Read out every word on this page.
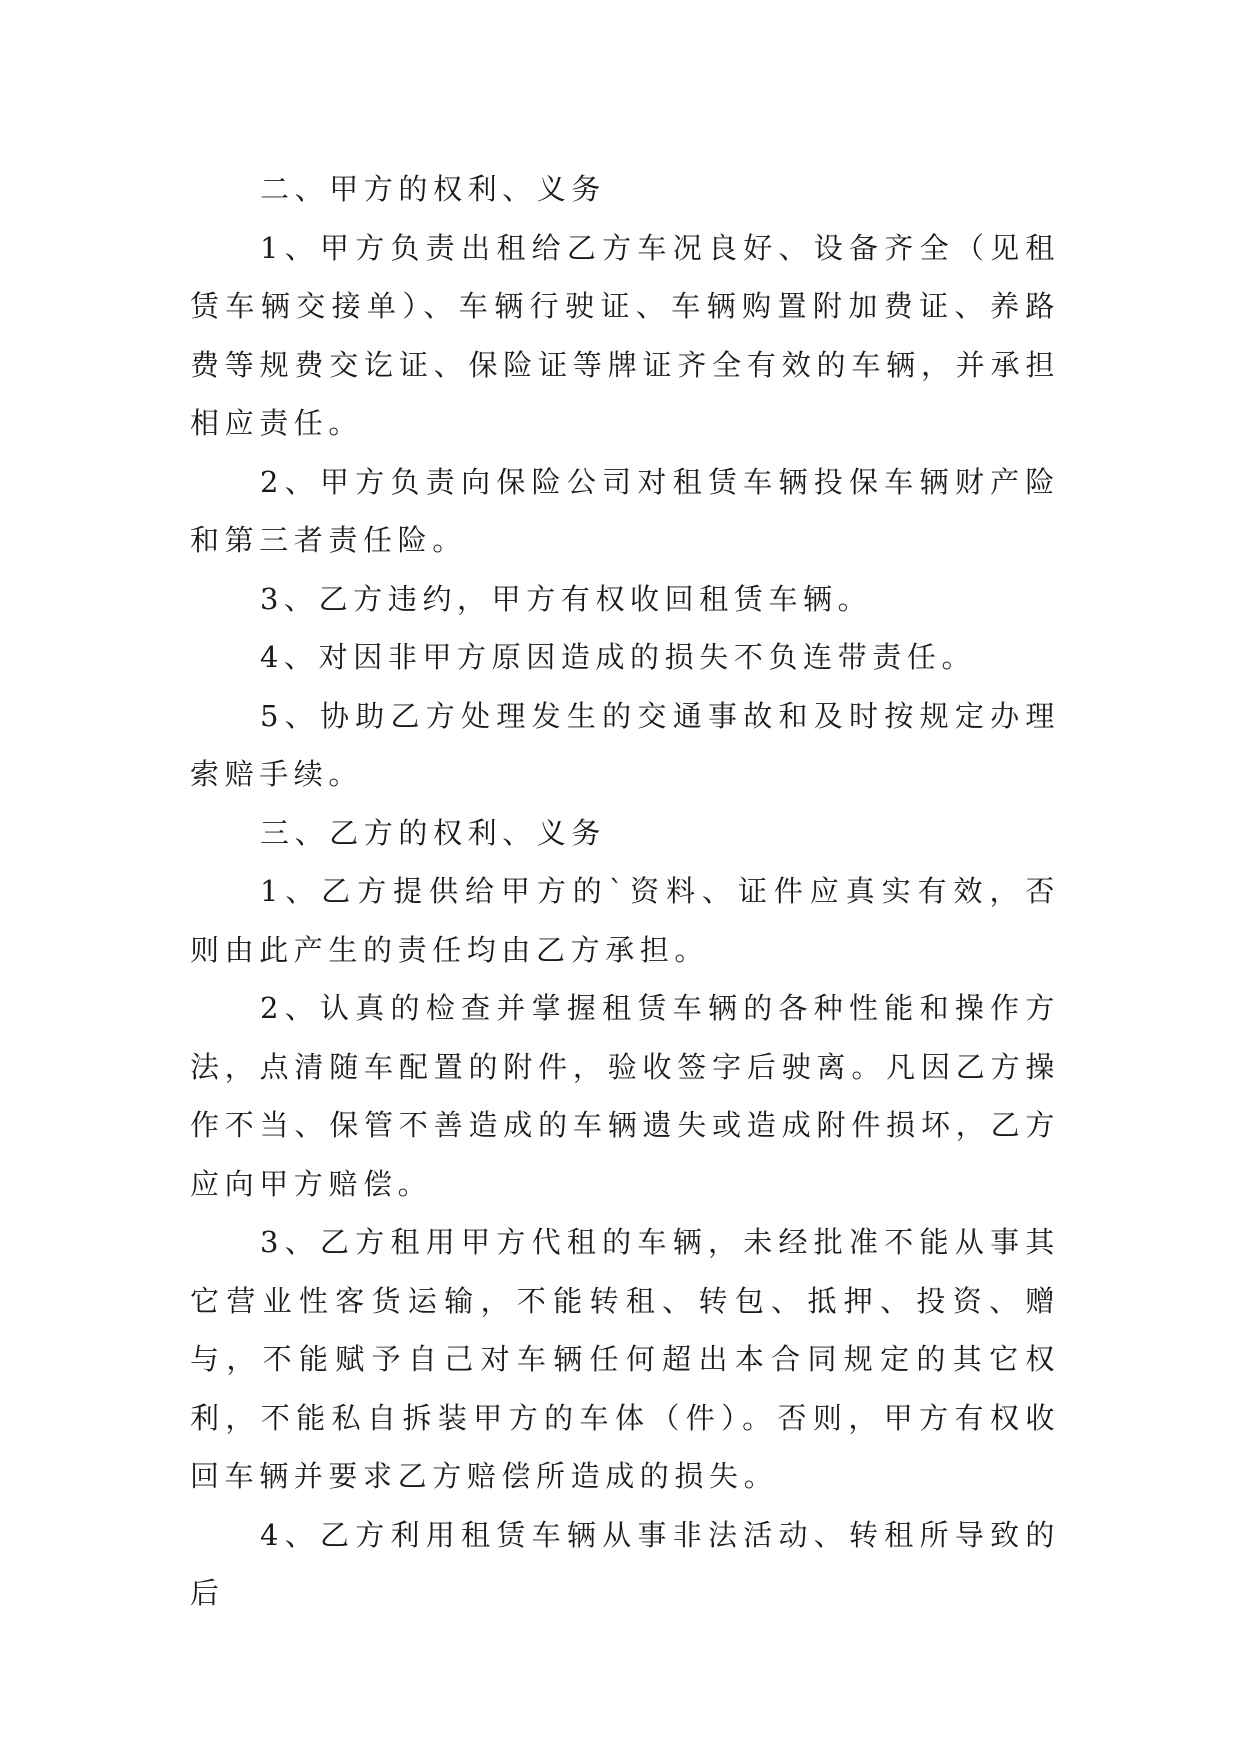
二、甲方的权利、义务

1、甲方负责出租给乙方车况良好、设备齐全（见租赁车辆交接单）、车辆行驶证、车辆购置附加费证、养路费等规费交讫证、保险证等牌证齐全有效的车辆，并承担相应责任。

2、甲方负责向保险公司对租赁车辆投保车辆财产险和第三者责任险。

3、乙方违约，甲方有权收回租赁车辆。

4、对因非甲方原因造成的损失不负连带责任。

5、协助乙方处理发生的交通事故和及时按规定办理索赔手续。

三、乙方的权利、义务

1、乙方提供给甲方的`资料、证件应真实有效，否则由此产生的责任均由乙方承担。

2、认真的检查并掌握租赁车辆的各种性能和操作方法，点清随车配置的附件，验收签字后驶离。凡因乙方操作不当、保管不善造成的车辆遗失或造成附件损坏，乙方应向甲方赔偿。

3、乙方租用甲方代租的车辆，未经批准不能从事其它营业性客货运输，不能转租、转包、抵押、投资、赠与，不能赋予自己对车辆任何超出本合同规定的其它权利，不能私自拆装甲方的车体（件）。否则，甲方有权收回车辆并要求乙方赔偿所造成的损失。

4、乙方利用租赁车辆从事非法活动、转租所导致的后
